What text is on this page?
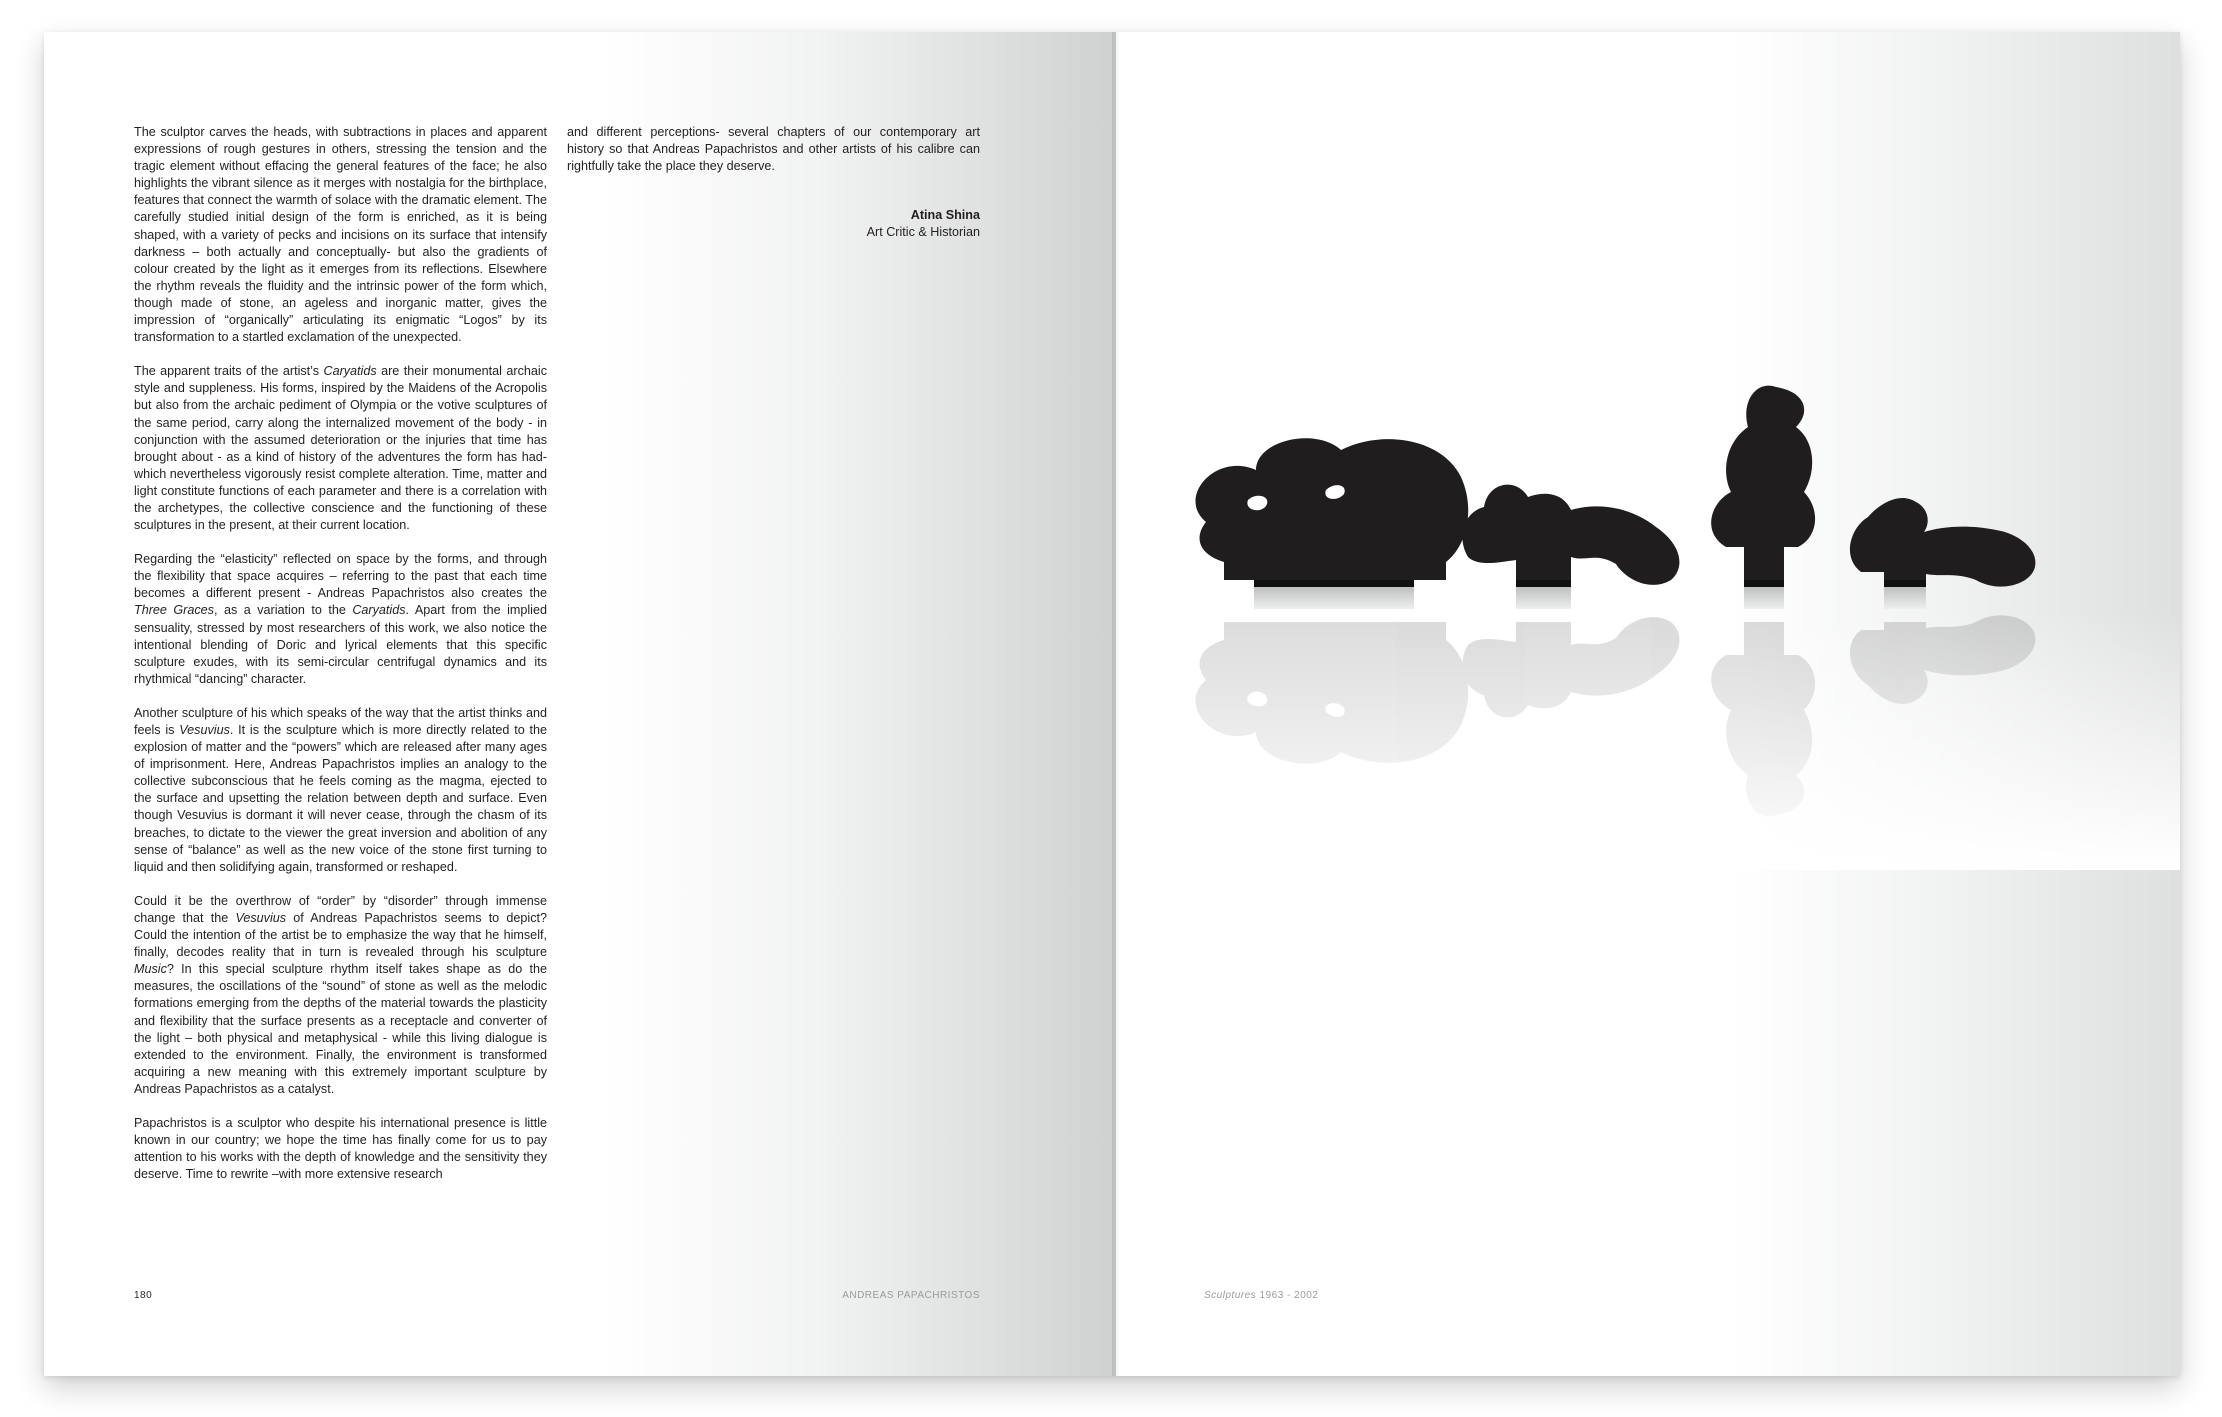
The sculptor carves the heads, with subtractions in places and apparent expressions of rough gestures in others, stressing the tension and the tragic element without effacing the general features of the face; he also highlights the vibrant silence as it merges with nostalgia for the birthplace, features that connect the warmth of solace with the dramatic element. The carefully studied initial design of the form is enriched, as it is being shaped, with a variety of pecks and incisions on its surface that intensify darkness – both actually and conceptually- but also the gradients of colour created by the light as it emerges from its reflections. Elsewhere the rhythm reveals the fluidity and the intrinsic power of the form which, though made of stone, an ageless and inorganic matter, gives the impression of “organically” articulating its enigmatic “Logos” by its transformation to a startled exclamation of the unexpected.

The apparent traits of the artist’s Caryatids are their monumental archaic style and suppleness. His forms, inspired by the Maidens of the Acropolis but also from the archaic pediment of Olympia or the votive sculptures of the same period, carry along the internalized movement of the body - in conjunction with the assumed deterioration or the injuries that time has brought about - as a kind of history of the adventures the form has had- which nevertheless vigorously resist complete alteration. Time, matter and light constitute functions of each parameter and there is a correlation with the archetypes, the collective conscience and the functioning of these sculptures in the present, at their current location.

Regarding the “elasticity” reflected on space by the forms, and through the flexibility that space acquires – referring to the past that each time becomes a different present - Andreas Papachristos also creates the Three Graces, as a variation to the Caryatids. Apart from the implied sensuality, stressed by most researchers of this work, we also notice the intentional blending of Doric and lyrical elements that this specific sculpture exudes, with its semi-circular centrifugal dynamics and its rhythmical “dancing” character.

Another sculpture of his which speaks of the way that the artist thinks and feels is Vesuvius. It is the sculpture which is more directly related to the explosion of matter and the “powers” which are released after many ages of imprisonment. Here, Andreas Papachristos implies an analogy to the collective subconscious that he feels coming as the magma, ejected to the surface and upsetting the relation between depth and surface. Even though Vesuvius is dormant it will never cease, through the chasm of its breaches, to dictate to the viewer the great inversion and abolition of any sense of “balance” as well as the new voice of the stone first turning to liquid and then solidifying again, transformed or reshaped.

Could it be the overthrow of “order” by “disorder” through immense change that the Vesuvius of Andreas Papachristos seems to depict? Could the intention of the artist be to emphasize the way that he himself, finally, decodes reality that in turn is revealed through his sculpture Music? In this special sculpture rhythm itself takes shape as do the measures, the oscillations of the “sound” of stone as well as the melodic formations emerging from the depths of the material towards the plasticity and flexibility that the surface presents as a receptacle and converter of the light – both physical and metaphysical - while this living dialogue is extended to the environment. Finally, the environment is transformed acquiring a new meaning with this extremely important sculpture by Andreas Papachristos as a catalyst.

Papachristos is a sculptor who despite his international presence is little known in our country; we hope the time has finally come for us to pay attention to his works with the depth of knowledge and the sensitivity they deserve. Time to rewrite –with more extensive research

and different perceptions- several chapters of our contemporary art history so that Andreas Papachristos and other artists of his calibre can rightfully take the place they deserve.

Atina Shina
Art Critic & Historian
180	ANDREAS PAPACHRISTOS	Sculptures 1963 - 2002
